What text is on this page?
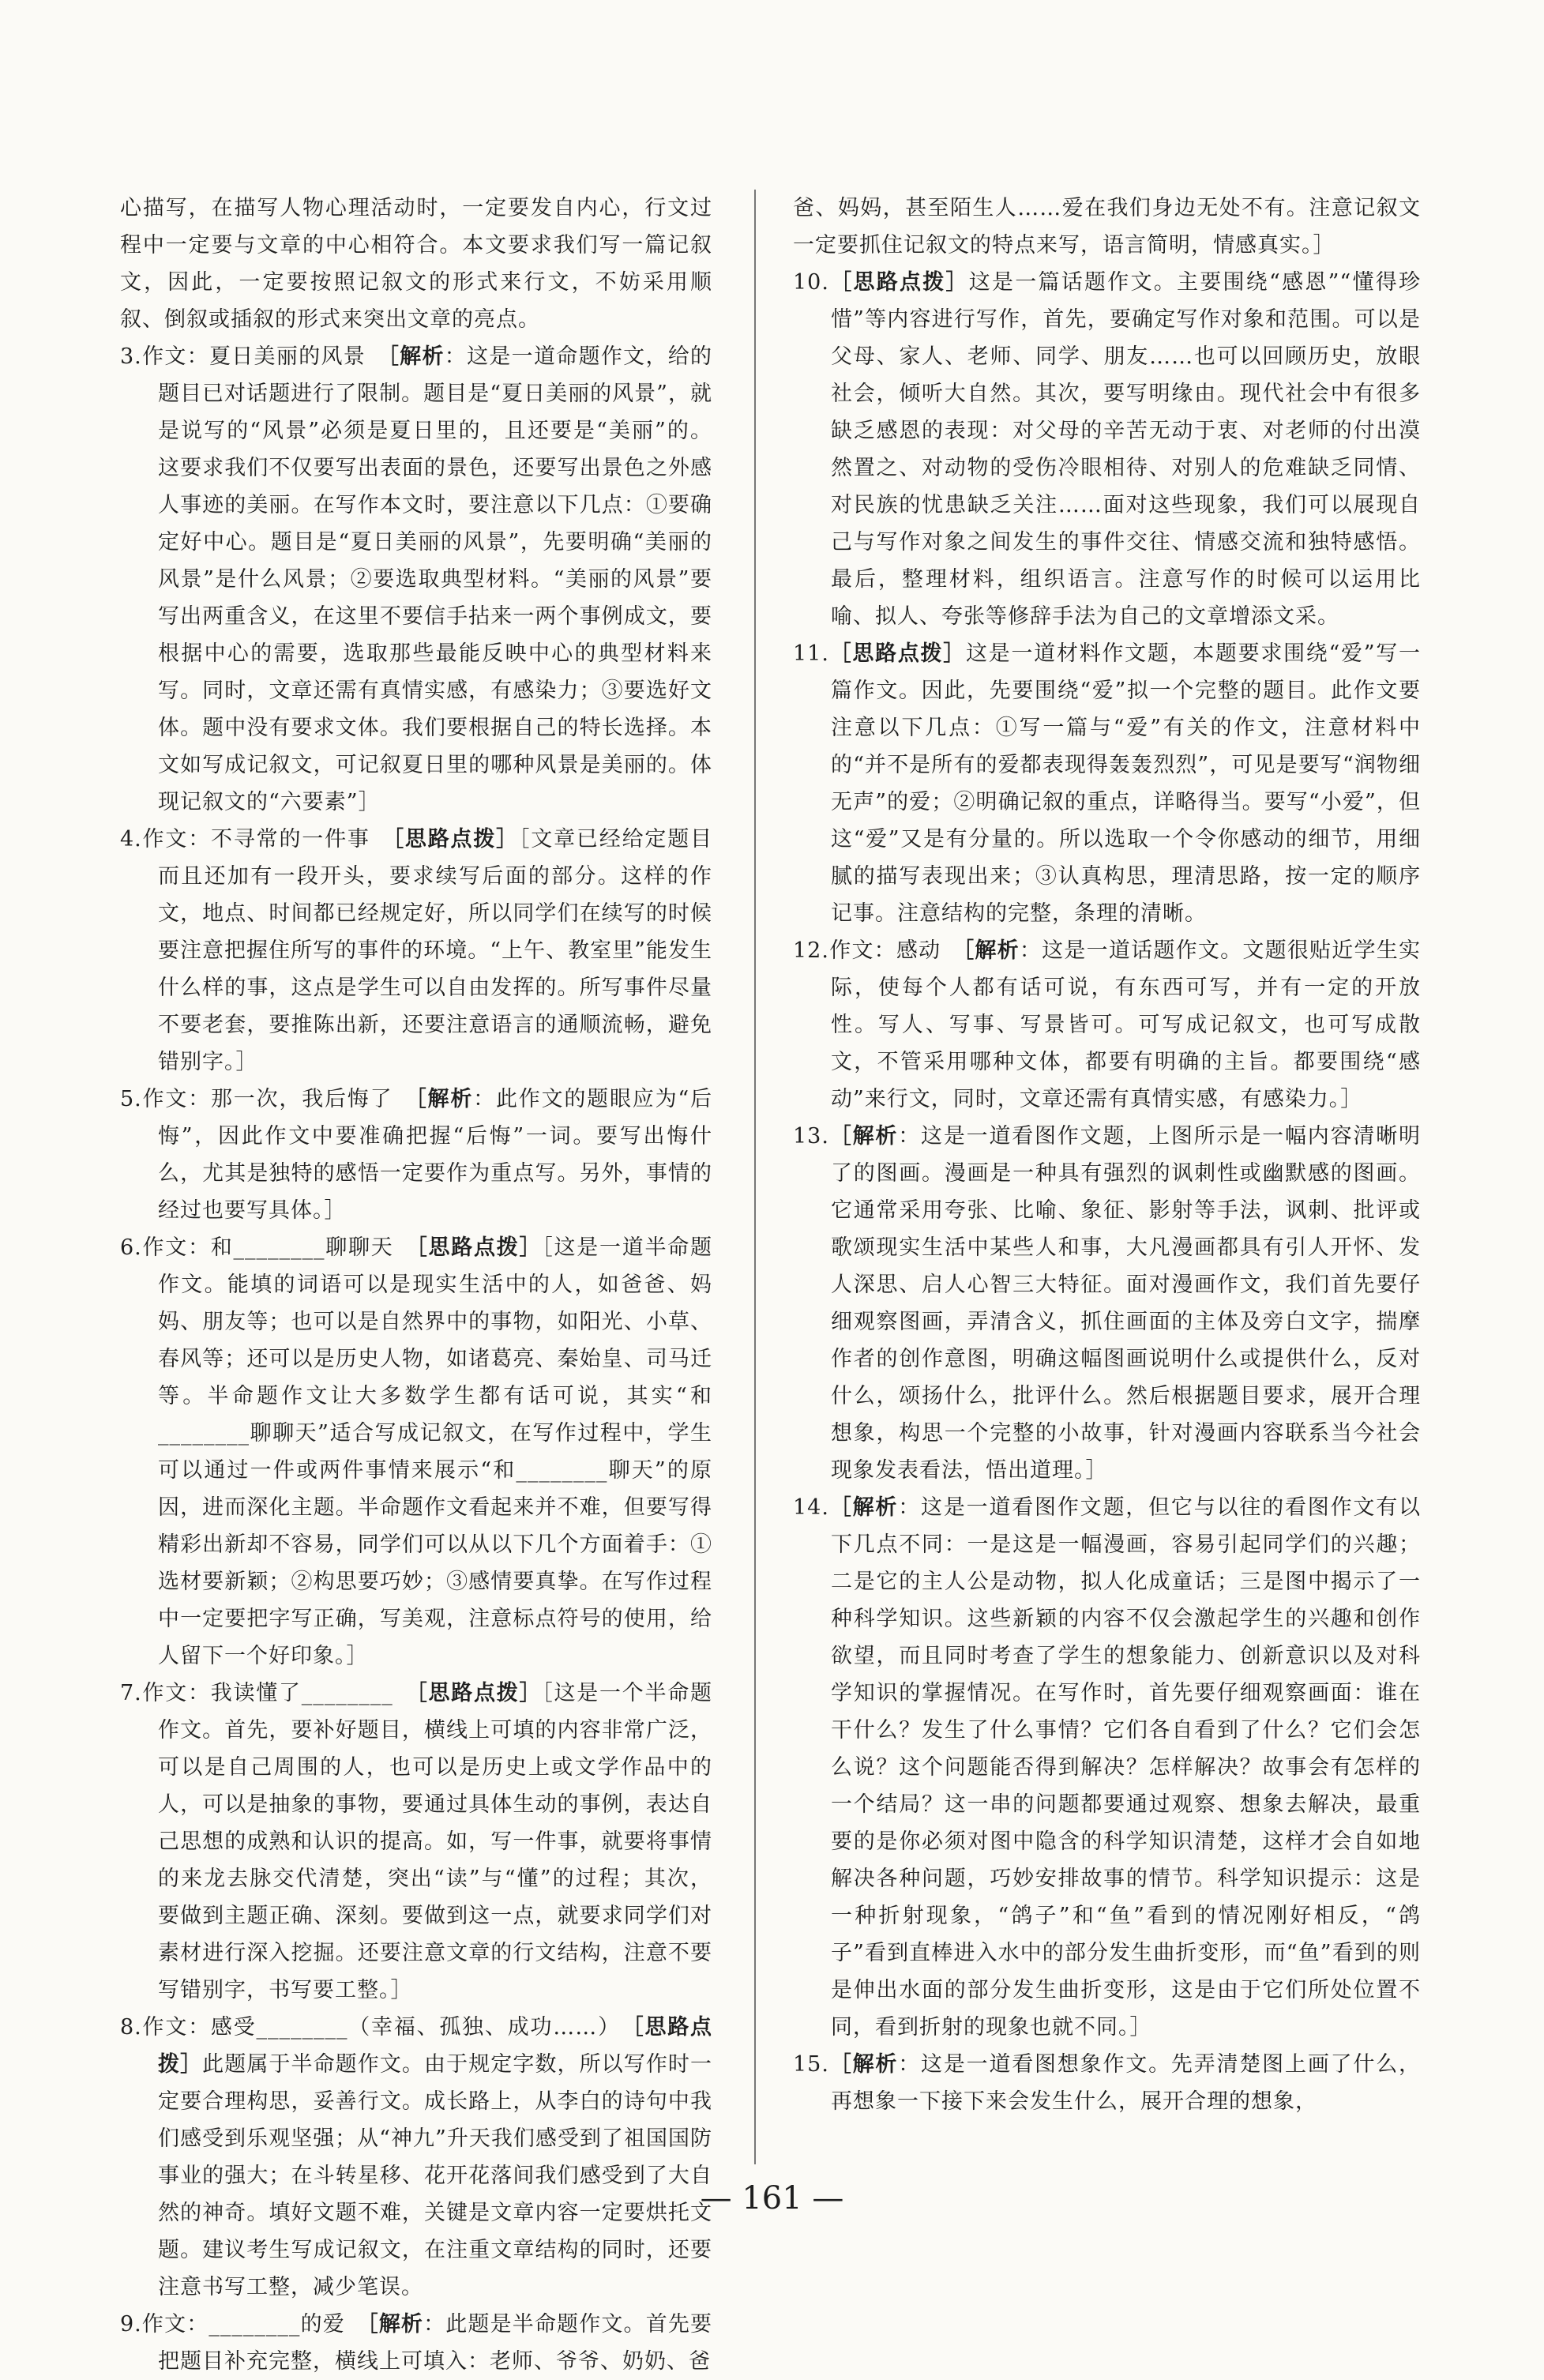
心描写，在描写人物心理活动时，一定要发自内心，行文过程中一定要与文章的中心相符合。本文要求我们写一篇记叙文，因此，一定要按照记叙文的形式来行文，不妨采用顺叙、倒叙或插叙的形式来突出文章的亮点。

3.作文：夏日美丽的风景　 ［解析：这是一道命题作文，给的题目已对话题进行了限制。题目是“夏日美丽的风景”，就是说写的“风景”必须是夏日里的，且还要是“美丽”的。这要求我们不仅要写出表面的景色，还要写出景色之外感人事迹的美丽。在写作本文时，要注意以下几点：①要确定好中心。题目是“夏日美丽的风景”，先要明确“美丽的风景”是什么风景；②要选取典型材料。“美丽的风景”要写出两重含义，在这里不要信手拈来一两个事例成文，要根据中心的需要，选取那些最能反映中心的典型材料来写。同时，文章还需有真情实感，有感染力；③要选好文体。题中没有要求文体。我们要根据自己的特长选择。本文如写成记叙文，可记叙夏日里的哪种风景是美丽的。体现记叙文的“六要素”］

4.作文：不寻常的一件事　 ［思路点拨］［文章已经给定题目而且还加有一段开头，要求续写后面的部分。这样的作文，地点、时间都已经规定好，所以同学们在续写的时候要注意把握住所写的事件的环境。“上午、教室里”能发生什么样的事，这点是学生可以自由发挥的。所写事件尽量不要老套，要推陈出新，还要注意语言的通顺流畅，避免错别字。］

5.作文：那一次，我后悔了　 ［解析：此作文的题眼应为“后悔”，因此作文中要准确把握“后悔”一词。要写出悔什么，尤其是独特的感悟一定要作为重点写。另外，事情的经过也要写具体。］

6.作文：和________聊聊天　 ［思路点拨］［这是一道半命题作文。能填的词语可以是现实生活中的人，如爸爸、妈妈、朋友等；也可以是自然界中的事物，如阳光、小草、春风等；还可以是历史人物，如诸葛亮、秦始皇、司马迁等。半命题作文让大多数学生都有话可说，其实“和________聊聊天”适合写成记叙文，在写作过程中，学生可以通过一件或两件事情来展示“和________聊天”的原因，进而深化主题。半命题作文看起来并不难，但要写得精彩出新却不容易，同学们可以从以下几个方面着手：①选材要新颖；②构思要巧妙；③感情要真挚。在写作过程中一定要把字写正确，写美观，注意标点符号的使用，给人留下一个好印象。］

7.作文：我读懂了________　 ［思路点拨］［这是一个半命题作文。首先，要补好题目，横线上可填的内容非常广泛，可以是自己周围的人，也可以是历史上或文学作品中的人，可以是抽象的事物，要通过具体生动的事例，表达自己思想的成熟和认识的提高。如，写一件事，就要将事情的来龙去脉交代清楚，突出“读”与“懂”的过程；其次，要做到主题正确、深刻。要做到这一点，就要求同学们对素材进行深入挖掘。还要注意文章的行文结构，注意不要写错别字，书写要工整。］

8.作文：感受________（幸福、孤独、成功……）　 ［思路点拨］此题属于半命题作文。由于规定字数，所以写作时一定要合理构思，妥善行文。成长路上，从李白的诗句中我们感受到乐观坚强；从“神九”升天我们感受到了祖国国防事业的强大；在斗转星移、花开花落间我们感受到了大自然的神奇。填好文题不难，关键是文章内容一定要烘托文题。建议考生写成记叙文，在注重文章结构的同时，还要注意书写工整，减少笔误。

9.作文：________的爱　 ［解析：此题是半命题作文。首先要把题目补充完整，横线上可填入：老师、爷爷、奶奶、爸

爸、妈妈，甚至陌生人……爱在我们身边无处不有。注意记叙文一定要抓住记叙文的特点来写，语言简明，情感真实。］

10.［思路点拨］这是一篇话题作文。主要围绕“感恩”“懂得珍惜”等内容进行写作，首先，要确定写作对象和范围。可以是父母、家人、老师、同学、朋友……也可以回顾历史，放眼社会，倾听大自然。其次，要写明缘由。现代社会中有很多缺乏感恩的表现：对父母的辛苦无动于衷、对老师的付出漠然置之、对动物的受伤冷眼相待、对别人的危难缺乏同情、对民族的忧患缺乏关注……面对这些现象，我们可以展现自己与写作对象之间发生的事件交往、情感交流和独特感悟。最后，整理材料，组织语言。注意写作的时候可以运用比喻、拟人、夸张等修辞手法为自己的文章增添文采。

11.［思路点拨］这是一道材料作文题，本题要求围绕“爱”写一篇作文。因此，先要围绕“爱”拟一个完整的题目。此作文要注意以下几点：①写一篇与“爱”有关的作文，注意材料中的“并不是所有的爱都表现得轰轰烈烈”，可见是要写“润物细无声”的爱；②明确记叙的重点，详略得当。要写“小爱”，但这“爱”又是有分量的。所以选取一个令你感动的细节，用细腻的描写表现出来；③认真构思，理清思路，按一定的顺序记事。注意结构的完整，条理的清晰。

12.作文：感动　 ［解析：这是一道话题作文。文题很贴近学生实际，使每个人都有话可说，有东西可写，并有一定的开放性。写人、写事、写景皆可。可写成记叙文，也可写成散文，不管采用哪种文体，都要有明确的主旨。都要围绕“感动”来行文，同时，文章还需有真情实感，有感染力。］

13.［解析：这是一道看图作文题，上图所示是一幅内容清晰明了的图画。漫画是一种具有强烈的讽刺性或幽默感的图画。它通常采用夸张、比喻、象征、影射等手法，讽刺、批评或歌颂现实生活中某些人和事，大凡漫画都具有引人开怀、发人深思、启人心智三大特征。面对漫画作文，我们首先要仔细观察图画，弄清含义，抓住画面的主体及旁白文字，揣摩作者的创作意图，明确这幅图画说明什么或提供什么，反对什么，颂扬什么，批评什么。然后根据题目要求，展开合理想象，构思一个完整的小故事，针对漫画内容联系当今社会现象发表看法，悟出道理。］

14.［解析：这是一道看图作文题，但它与以往的看图作文有以下几点不同：一是这是一幅漫画，容易引起同学们的兴趣；二是它的主人公是动物，拟人化成童话；三是图中揭示了一种科学知识。这些新颖的内容不仅会激起学生的兴趣和创作欲望，而且同时考查了学生的想象能力、创新意识以及对科学知识的掌握情况。在写作时，首先要仔细观察画面：谁在干什么？发生了什么事情？它们各自看到了什么？它们会怎么说？这个问题能否得到解决？怎样解决？故事会有怎样的一个结局？这一串的问题都要通过观察、想象去解决，最重要的是你必须对图中隐含的科学知识清楚，这样才会自如地解决各种问题，巧妙安排故事的情节。科学知识提示：这是一种折射现象，“鸽子”和“鱼”看到的情况刚好相反，“鸽子”看到直棒进入水中的部分发生曲折变形，而“鱼”看到的则是伸出水面的部分发生曲折变形，这是由于它们所处位置不同，看到折射的现象也就不同。］

15.［解析：这是一道看图想象作文。先弄清楚图上画了什么，再想象一下接下来会发生什么，展开合理的想象，

— 161 —
